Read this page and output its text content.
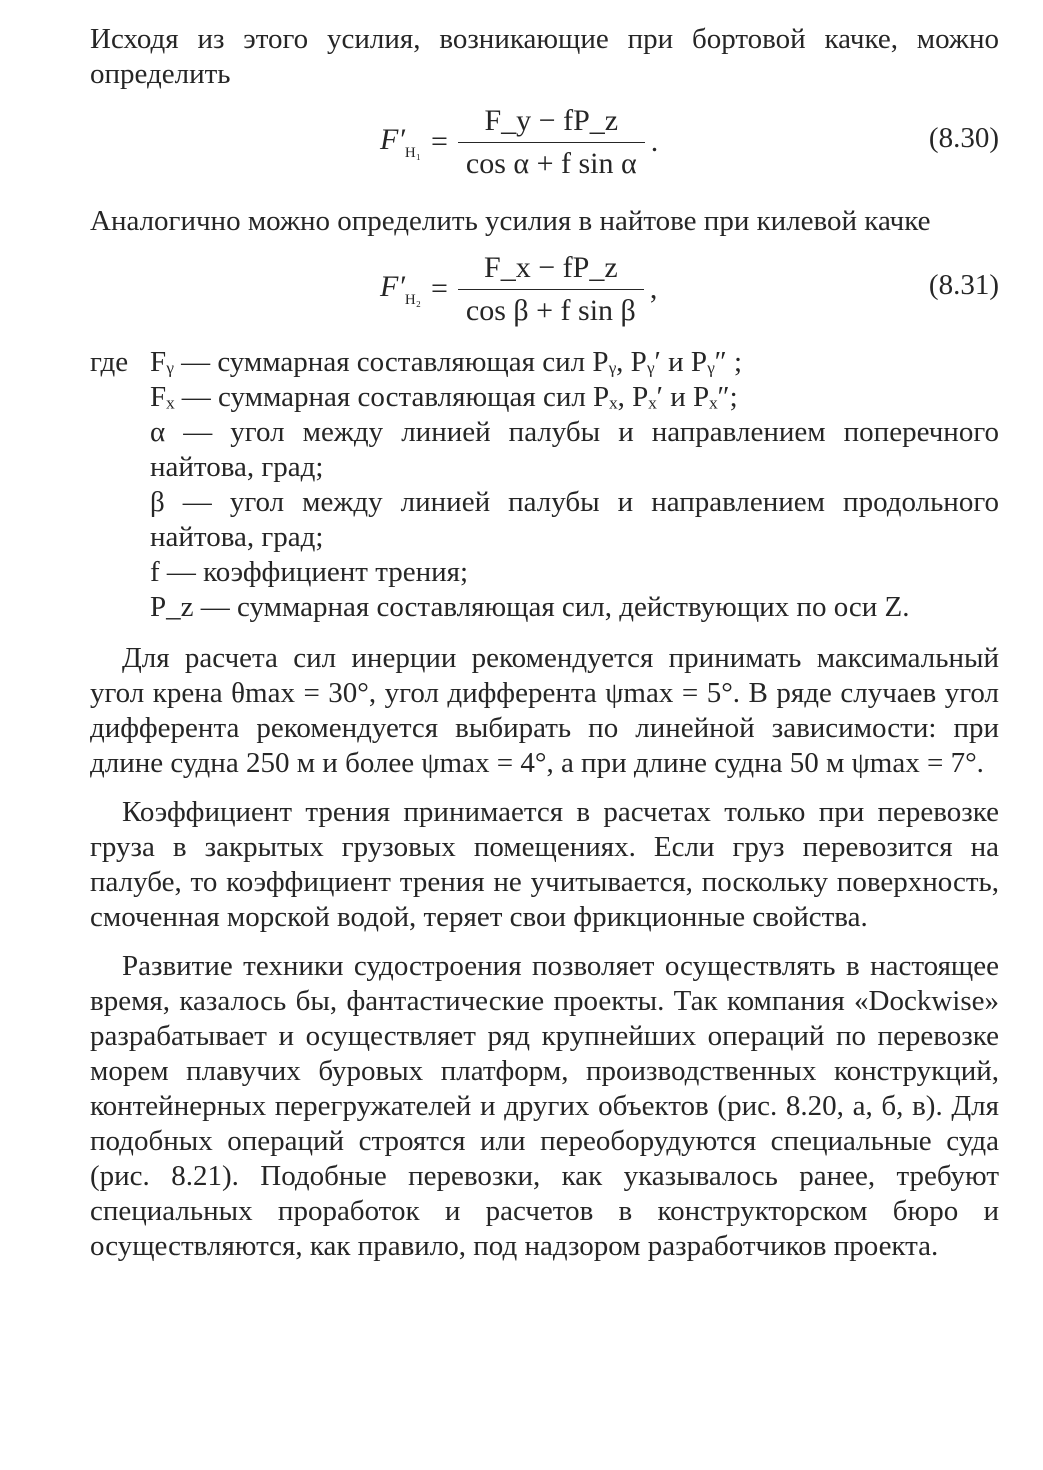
Исходя из этого усилия, возникающие при бортовой качке, можно определить

$F'_{Н_1} = \frac{F\_y - fP\_z}{\text{cos α + f sin α}}$ .	(8.30)

Аналогично можно определить усилия в найтове при килевой качке

$F'_{Н_2} = \frac{F\_x - fP\_z}{\text{cos β + f sin β}}$ ,	(8.31)
где Fᵧ — суммарная составляющая сил Pᵧ, Pᵧ′ и Pᵧ″ ;
Fₓ — суммарная составляющая сил Pₓ, Pₓ′ и Pₓ″;
α — угол между линией палубы и направлением поперечного найтова, град;
β — угол между линией палубы и направлением продольного найтова, град;
f — коэффициент трения;
P_z — суммарная составляющая сил, действующих по оси Z.

Для расчета сил инерции рекомендуется принимать максимальный угол крена θmax = 30°, угол дифферента ψmax = 5°. В ряде случаев угол дифферента рекомендуется выбирать по линейной зависимости: при длине судна 250 м и более ψmax = 4°, а при длине судна 50 м ψmax = 7°.

Коэффициент трения принимается в расчетах только при перевозке груза в закрытых грузовых помещениях. Если груз перевозится на палубе, то коэффициент трения не учитывается, поскольку поверхность, смоченная морской водой, теряет свои фрикционные свойства.

Развитие техники судостроения позволяет осуществлять в настоящее время, казалось бы, фантастические проекты. Так компания «Dockwise» разрабатывает и осуществляет ряд крупнейших операций по перевозке морем плавучих буровых платформ, производственных конструкций, контейнерных перегружателей и других объектов (рис. 8.20, а, б, в). Для подобных операций строятся или переоборудуются специальные суда (рис. 8.21). Подобные перевозки, как указывалось ранее, требуют специальных проработок и расчетов в конструкторском бюро и осуществляются, как правило, под надзором разработчиков проекта.
